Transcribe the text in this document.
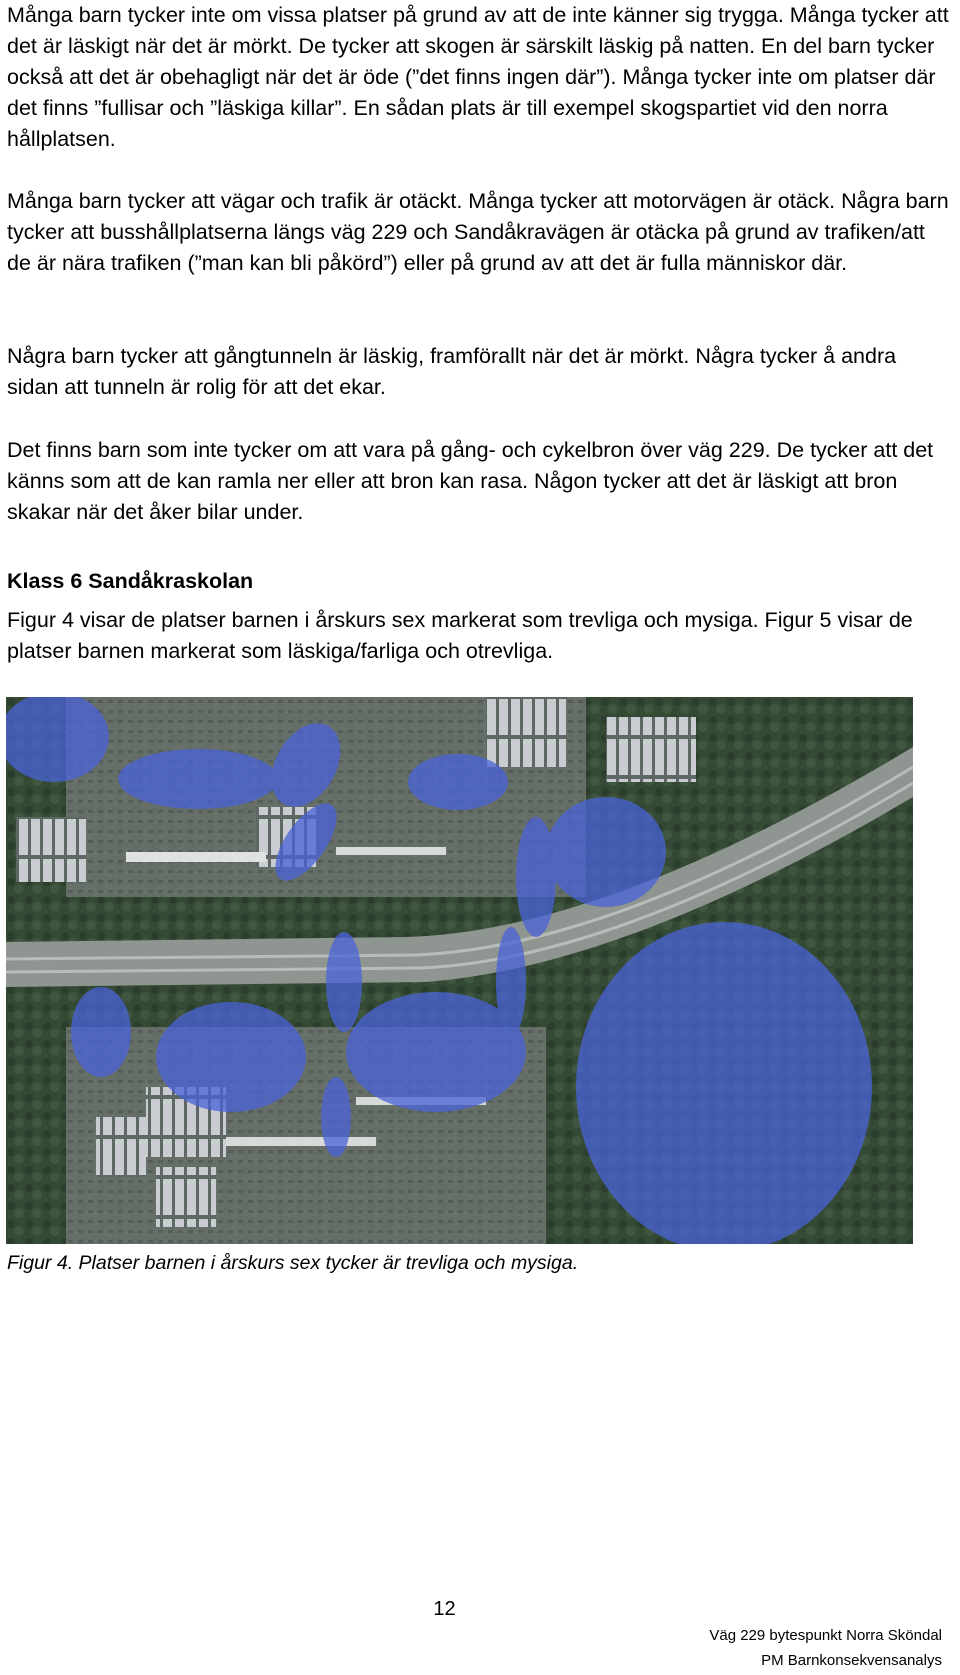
Många barn tycker inte om vissa platser på grund av att de inte känner sig trygga. Många tycker att det är läskigt när det är mörkt. De tycker att skogen är särskilt läskig på natten. En del barn tycker också att det är obehagligt när det är öde (”det finns ingen där”). Många tycker inte om platser där det finns ”fullisar och ”läskiga killar”. En sådan plats är till exempel skogspartiet vid den norra hållplatsen.

Många barn tycker att vägar och trafik är otäckt. Många tycker att motorvägen är otäck. Några barn tycker att busshållplatserna längs väg 229 och Sandåkravägen är otäcka på grund av trafiken/att de är nära trafiken (”man kan bli påkörd”) eller på grund av att det är fulla människor där.

Några barn tycker att gångtunneln är läskig, framförallt när det är mörkt. Några tycker å andra sidan att tunneln är rolig för att det ekar.

Det finns barn som inte tycker om att vara på gång- och cykelbron över väg 229. De tycker att det känns som att de kan ramla ner eller att bron kan rasa. Någon tycker att det är läskigt att bron skakar när det åker bilar under.

Klass 6 Sandåkraskolan

Figur 4 visar de platser barnen i årskurs sex markerat som trevliga och mysiga. Figur 5 visar de platser barnen markerat som läskiga/farliga och otrevliga.

Figur 4. Platser barnen i årskurs sex tycker är trevliga och mysiga.

12
Väg 229 bytespunkt Norra Sköndal
PM Barnkonsekvensanalys
